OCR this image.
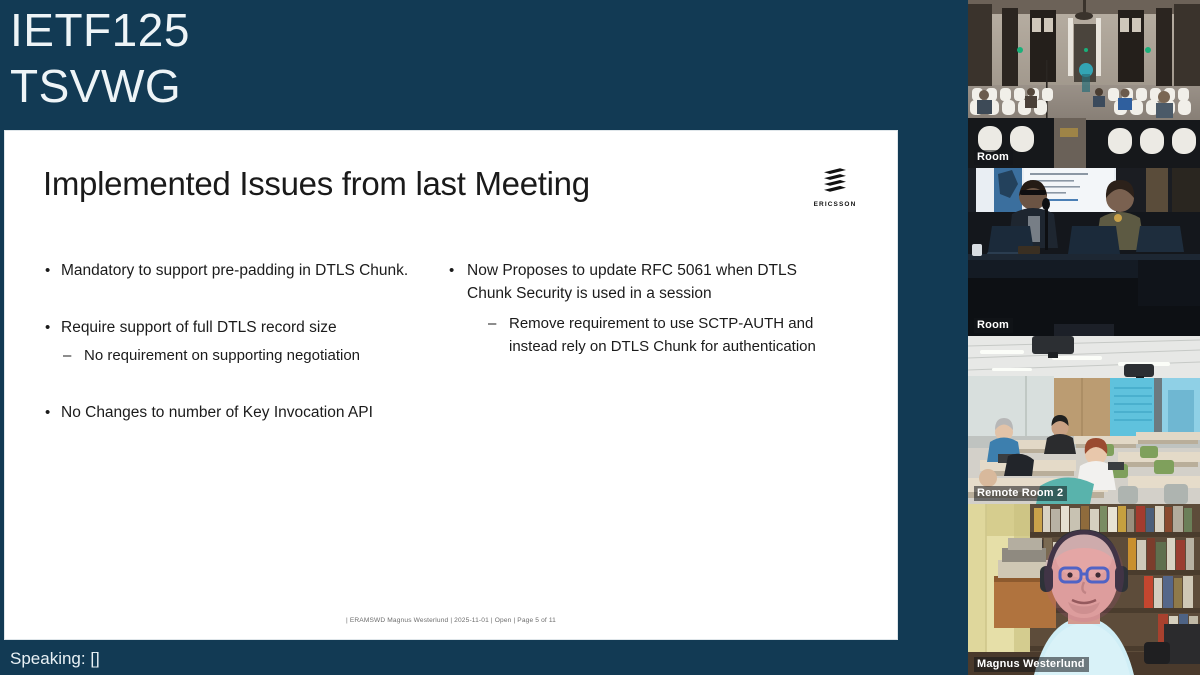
IETF125
TSVWG
Implemented Issues from last Meeting
ERICSSON
• Mandatory to support pre-padding in DTLS Chunk.
• Require support of full DTLS record size
– No requirement on supporting negotiation
• No Changes to number of Key Invocation API
• Now Proposes to update RFC 5061 when DTLS Chunk Security is used in a session
– Remove requirement to use SCTP-AUTH and instead rely on DTLS Chunk for authentication
| ERAMSWD Magnus Westerlund | 2025-11-01 | Open | Page 5 of 11
Speaking: []
Room
Room
Remote Room 2
Magnus Westerlund
